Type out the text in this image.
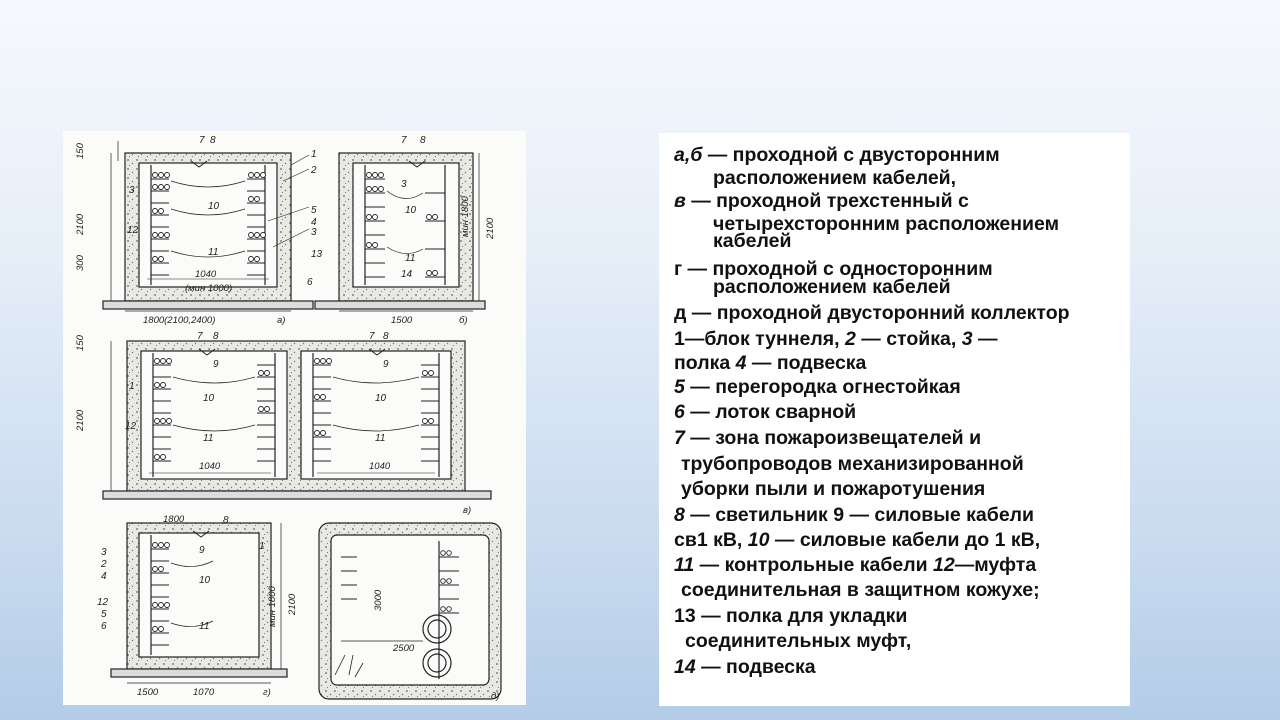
7 8
1
2
3
12
10
11
5
4
3
13
6
1040
(мин 1000)
2100
150
300
1800(2100,2400)	а)
7 8
3
10
11
14
мин 1800 2100
1500	б)
7 8
9
7 8
9
1
12
10
11
10
11
1040	1040
150
2100
в)
8
3
2
4
9	1
10
12
5
6	11	мин 1800 2100
1800
1500	1070	г)
3000
2500
д)
а,б — проходной с двусторонним
расположением кабелей,
в — проходной трехстенный с
четырехсторонним расположением
кабелей
г — проходной с односторонним
расположением кабелей
д — проходной двусторонний коллектор
1—блок туннеля, 2 — стойка, 3 —
полка 4 — подвеска
5 — перегородка огнестойкая
6 — лоток сварной
7 — зона пожароизвещателей и
трубопроводов механизированной
уборки пыли и пожаротушения
8 — светильник 9 — силовые кабели
св1 кВ, 10 — силовые кабели до 1 кВ,
11 — контрольные кабели 12—муфта
соединительная в защитном кожухе;
13 — полка для укладки
соединительных муфт,
14 — подвеска
